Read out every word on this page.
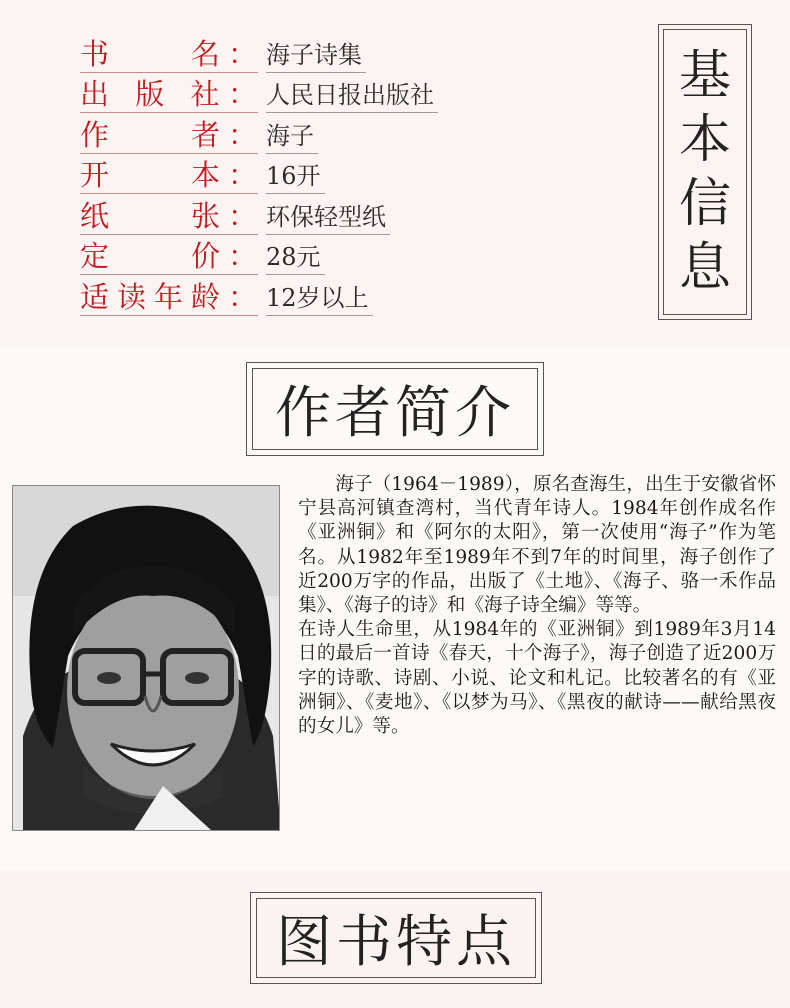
书　　名： 海子诗集
出 版 社： 人民日报出版社
作　　者： 海子
开　　本： 16开
纸　　张： 环保轻型纸
定　　价： 28元
适读年龄： 12岁以上
基
本
信
息
作者简介

海子（1964－1989），原名查海生，出生于安徽省怀宁县高河镇查湾村，当代青年诗人。1984年创作成名作《亚洲铜》和《阿尔的太阳》，第一次使用“海子”作为笔名。从1982年至1989年不到7年的时间里，海子创作了近200万字的作品，出版了《土地》、《海子、骆一禾作品集》、《海子的诗》和《海子诗全编》等等。

在诗人生命里，从1984年的《亚洲铜》到1989年3月14日的最后一首诗《春天，十个海子》，海子创造了近200万字的诗歌、诗剧、小说、论文和札记。比较著名的有《亚洲铜》、《麦地》、《以梦为马》、《黑夜的献诗——献给黑夜的女儿》等。

图书特点
